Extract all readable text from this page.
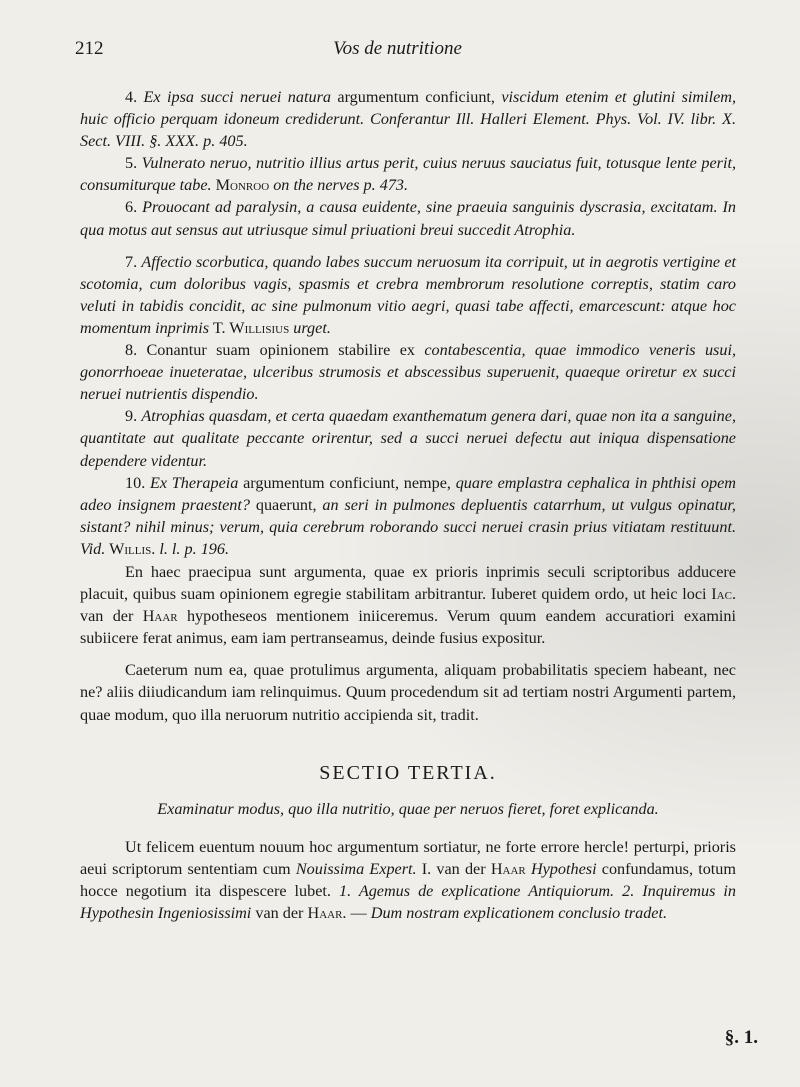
212	Vos de nutritione

4. Ex ipsa succi neruei natura argumentum conficiunt, viscidum etenim et glutini similem, huic officio perquam idoneum crediderunt. Conferantur Ill. Halleri Element. Phys. Vol. IV. libr. X. Sect. VIII. §. XXX. p. 405.

5. Vulnerato neruo, nutritio illius artus perit, cuius neruus sauciatus fuit, totusque lente perit, consumiturque tabe. Monroo on the nerves p. 473.

6. Prouocant ad paralysin, a causa euidente, sine praeuia sanguinis dyscrasia, excitatam. In qua motus aut sensus aut utriusque simul priuationi breui succedit Atrophia.

7. Affectio scorbutica, quando labes succum neruosum ita corripuit, ut in aegrotis vertigine et scotomia, cum doloribus vagis, spasmis et crebra membrorum resolutione correptis, statim caro veluti in tabidis concidit, ac sine pulmonum vitio aegri, quasi tabe affecti, emarcescunt: atque hoc momentum inprimis T. Willisius urget.

8. Conantur suam opinionem stabilire ex contabescentia, quae immodico veneris usui, gonorrhoeae inueteratae, ulceribus strumosis et abscessibus superuenit, quaeque oriretur ex succi neruei nutrientis dispendio.

9. Atrophias quasdam, et certa quaedam exanthematum genera dari, quae non ita a sanguine, quantitate aut qualitate peccante orirentur, sed a succi neruei defectu aut iniqua dispensatione dependere videntur.

10. Ex Therapeia argumentum conficiunt, nempe, quare emplastra cephalica in phthisi opem adeo insignem praestent? quaerunt, an seri in pulmones depluentis catarrhum, ut vulgus opinatur, sistant? nihil minus; verum, quia cerebrum roborando succi neruei crasin prius vitiatam restituunt. Vid. Willis. l. l. p. 196.

En haec praecipua sunt argumenta, quae ex prioris inprimis seculi scriptoribus adducere placuit, quibus suam opinionem egregie stabilitam arbitrantur. Iuberet quidem ordo, ut heic loci Iac. van der Haar hypotheseos mentionem iniiceremus. Verum quum eandem accuratiori examini subiicere ferat animus, eam iam pertranseamus, deinde fusius expositur.

Caeterum num ea, quae protulimus argumenta, aliquam probabilitatis speciem habeant, nec ne? aliis diiudicandum iam relinquimus. Quum procedendum sit ad tertiam nostri Argumenti partem, quae modum, quo illa neruorum nutritio accipienda sit, tradit.

SECTIO TERTIA.

Examinatur modus, quo illa nutritio, quae per neruos fieret, foret explicanda.

Ut felicem euentum nouum hoc argumentum sortiatur, ne forte errore hercle! perturpi, prioris aeui scriptorum sententiam cum Nouissima Expert. I. van der Haar Hypothesi confundamus, totum hocce negotium ita dispescere lubet. 1. Agemus de explicatione Antiquiorum. 2. Inquiremus in Hypothesin Ingeniosissimi van der Haar. — Dum nostram explicationem conclusio tradet.

§. 1.
